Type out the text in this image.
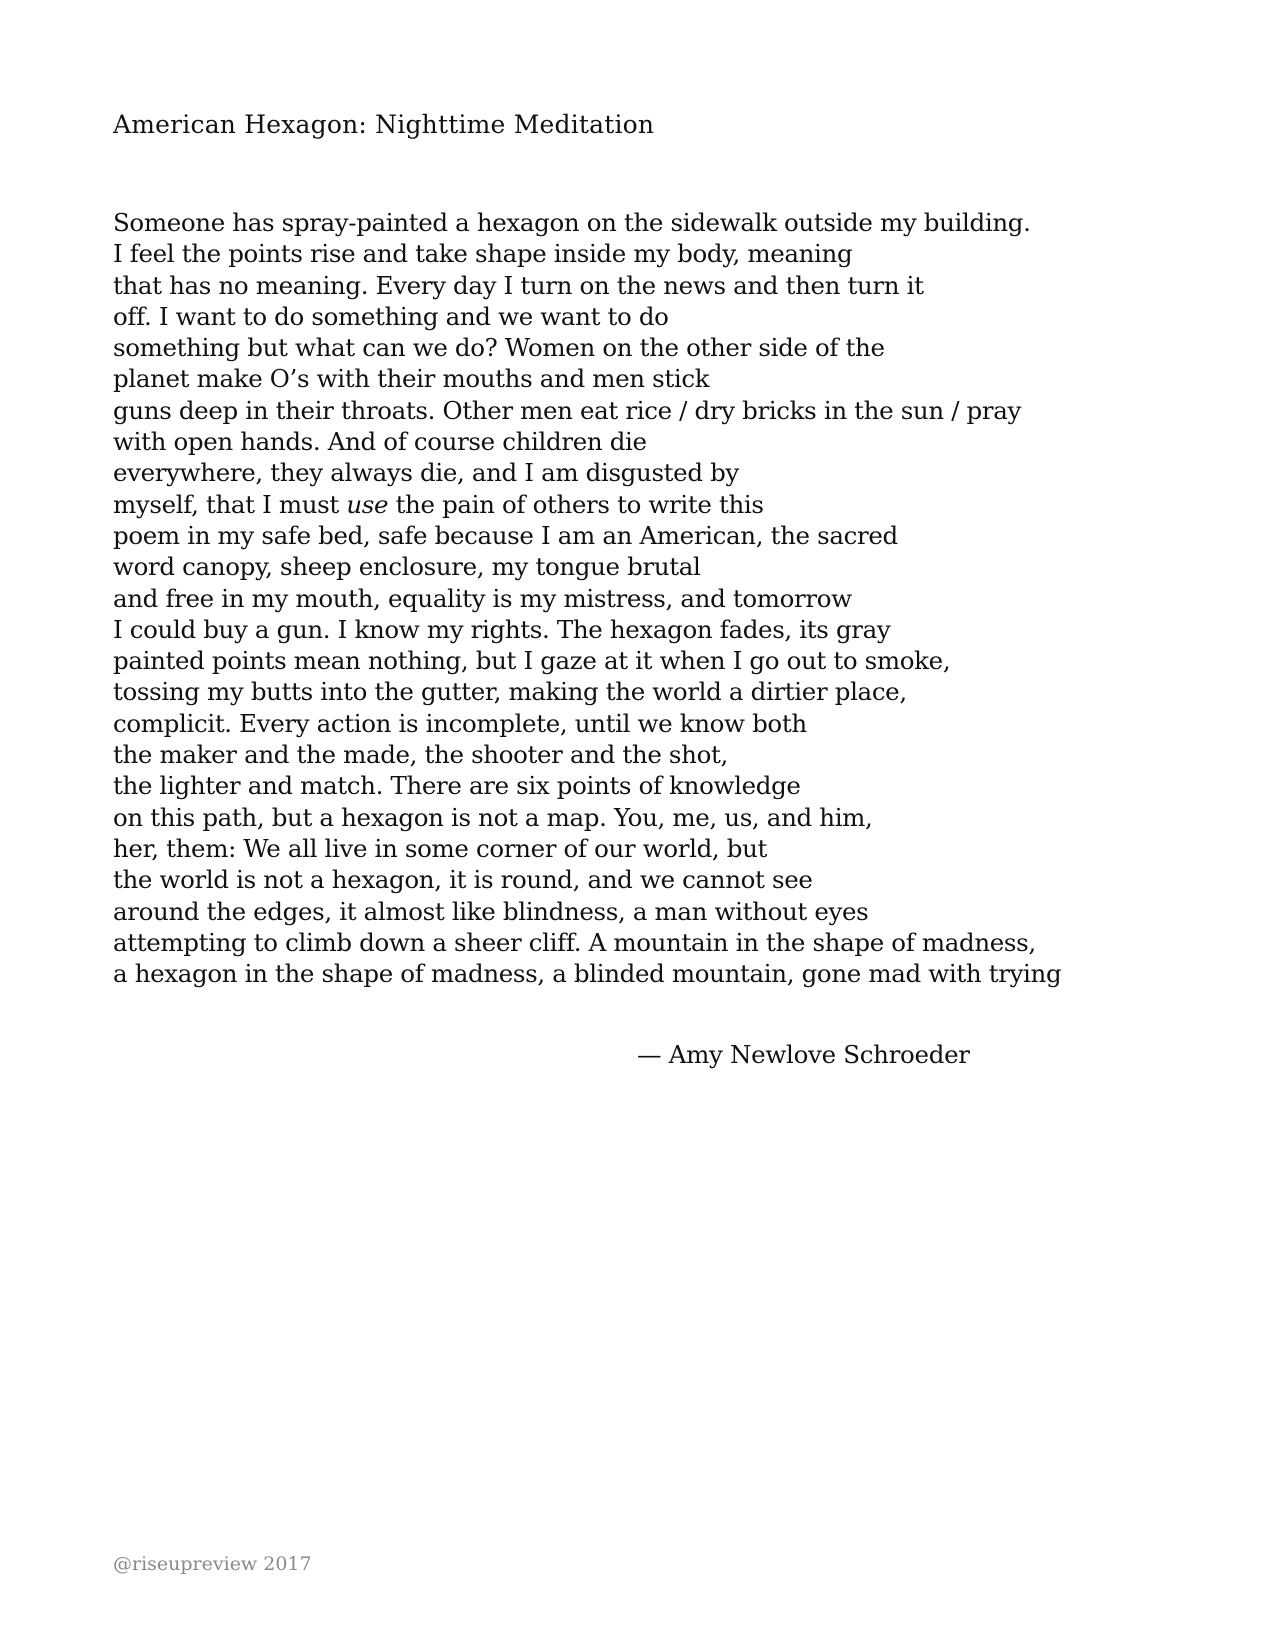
American Hexagon: Nighttime Meditation
Someone has spray-painted a hexagon on the sidewalk outside my building.
I feel the points rise and take shape inside my body, meaning
that has no meaning. Every day I turn on the news and then turn it
off. I want to do something and we want to do
something but what can we do? Women on the other side of the
planet make O’s with their mouths and men stick
guns deep in their throats. Other men eat rice / dry bricks in the sun / pray
with open hands. And of course children die
everywhere, they always die, and I am disgusted by
myself, that I must use the pain of others to write this
poem in my safe bed, safe because I am an American, the sacred
word canopy, sheep enclosure, my tongue brutal
and free in my mouth, equality is my mistress, and tomorrow
I could buy a gun. I know my rights. The hexagon fades, its gray
painted points mean nothing, but I gaze at it when I go out to smoke,
tossing my butts into the gutter, making the world a dirtier place,
complicit. Every action is incomplete, until we know both
the maker and the made, the shooter and the shot,
the lighter and match. There are six points of knowledge
on this path, but a hexagon is not a map. You, me, us, and him,
her, them: We all live in some corner of our world, but
the world is not a hexagon, it is round, and we cannot see
around the edges, it almost like blindness, a man without eyes
attempting to climb down a sheer cliff. A mountain in the shape of madness,
a hexagon in the shape of madness, a blinded mountain, gone mad with trying
— Amy Newlove Schroeder
@riseupreview 2017
